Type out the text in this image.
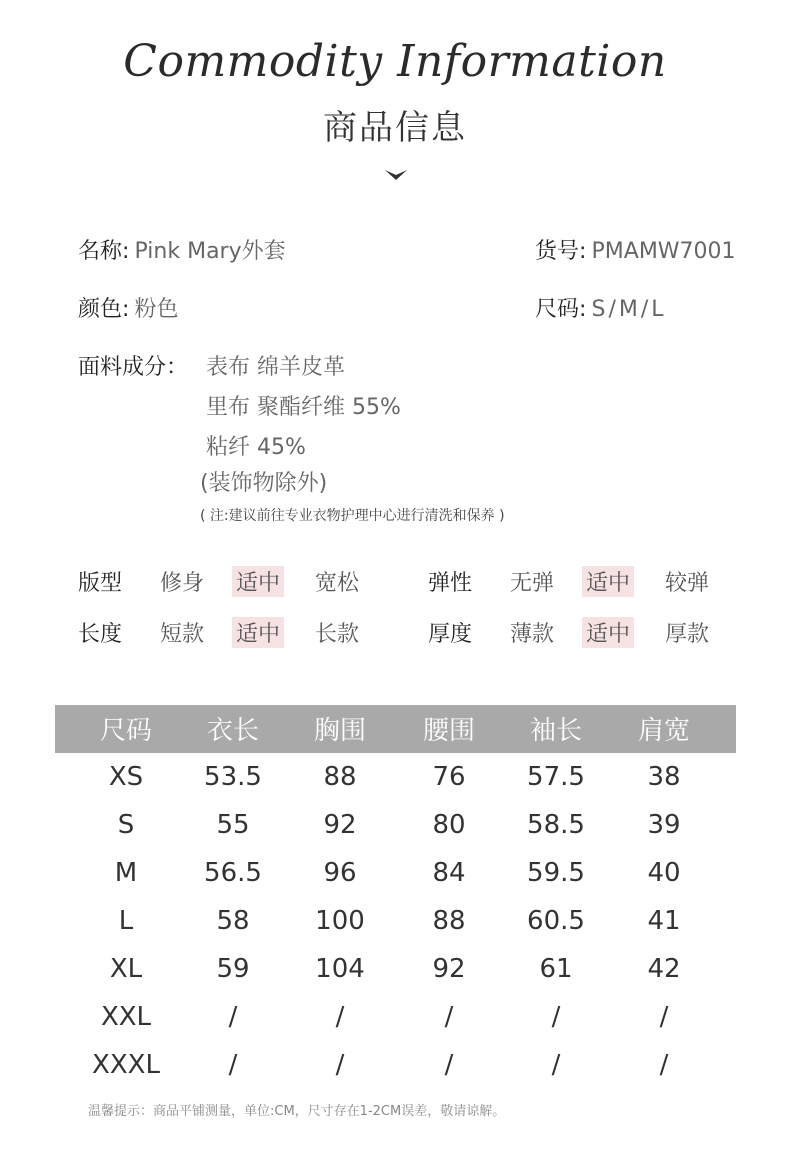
Commodity Information
商品信息
名称: Pink Mary外套	货号: PMAMW7001
颜色: 粉色	尺码: S/M/L
面料成分： 表布 绵羊皮革
里布 聚酯纤维 55%
粘纤 45%
(装饰物除外)
( 注:建议前往专业衣物护理中心进行清洗和保养 )
版型 修身 适中 宽松	弹性 无弹 适中 较弹
长度 短款 适中 长款	厚度 薄款 适中 厚款
尺码	衣长	胸围	腰围	袖长	肩宽
XS	53.5	88	76	57.5	38
S	55	92	80	58.5	39
M	56.5	96	84	59.5	40
L	58	100	88	60.5	41
XL	59	104	92	61	42
XXL	/	/	/	/	/
XXXL	/	/	/	/	/
温馨提示：商品平铺测量，单位:CM，尺寸存在1-2CM误差，敬请谅解。
